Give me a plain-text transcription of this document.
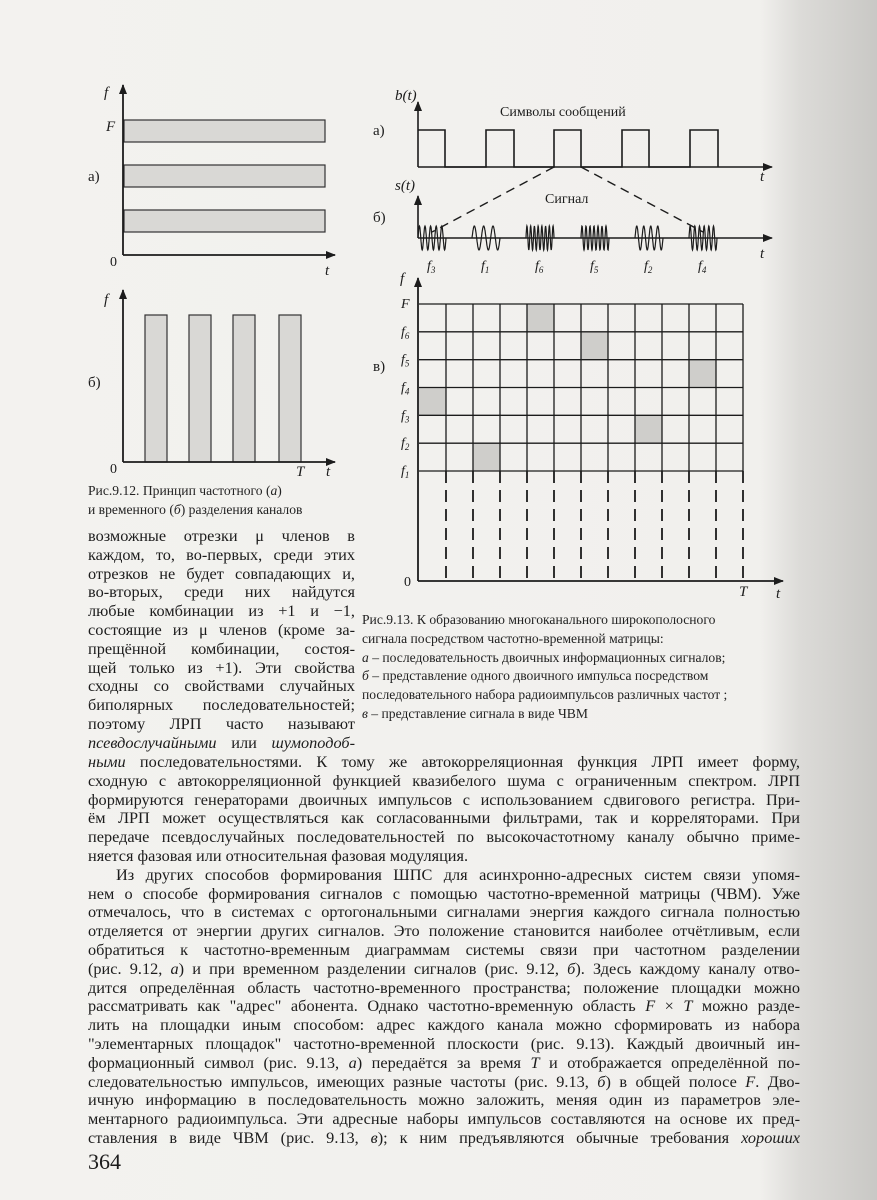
f
F
а)
0
t
f
б)
0	T t
b(t)
Символы сообщений
а)
t
s(t)
Сигнал
б)
t
$f_3$	$f_1$	$f_6$	$f_5$	$f_2$	$f_4$
f
F
$f_1$
$f_2$
$f_3$
$f_4$
$f_5$
$f_6$
в)
0
T t
Рис.9.12. Принцип частотного (а)
и временного (б) разделения каналов
Рис.9.13. К образованию многоканального широкополосного
сигнала посредством частотно-временной матрицы:
а – последовательность двоичных информационных сигналов;
б – представление одного двоичного импульса посредством
последовательного набора радиоимпульсов различных частот ;
в – представление сигнала в виде ЧВМ
возможные отрезки μ членов в
каждом, то, во-первых, среди этих
отрезков не будет совпадающих и,
во-вторых, среди них найдутся
любые комбинации из +1 и −1,
состоящие из μ членов (кроме за-
прещённой комбинации, состоя-
щей только из +1). Эти свойства
сходны со свойствами случайных
биполярных последовательностей;
поэтому ЛРП часто называют
псевдослучайными или шумоподоб-
ными последовательностями. К тому же автокорреляционная функция ЛРП имеет форму,
сходную с автокорреляционной функцией квазибелого шума с ограниченным спектром. ЛРП
формируются генераторами двоичных импульсов с использованием сдвигового регистра. При-
ём ЛРП может осуществляться как согласованными фильтрами, так и корреляторами. При
передаче псевдослучайных последовательностей по высокочастотному каналу обычно приме-
няется фазовая или относительная фазовая модуляция.
Из других способов формирования ШПС для асинхронно-адресных систем связи упомя-
нем о способе формирования сигналов с помощью частотно-временной матрицы (ЧВМ). Уже
отмечалось, что в системах с ортогональными сигналами энергия каждого сигнала полностью
отделяется от энергии других сигналов. Это положение становится наиболее отчётливым, если
обратиться к частотно-временным диаграммам системы связи при частотном разделении
(рис. 9.12, а) и при временном разделении сигналов (рис. 9.12, б). Здесь каждому каналу отво-
дится определённая область частотно-временного пространства; положение площадки можно
рассматривать как "адрес" абонента. Однако частотно-временную область F × T можно разде-
лить на площадки иным способом: адрес каждого канала можно сформировать из набора
"элементарных площадок" частотно-временной плоскости (рис. 9.13). Каждый двоичный ин-
формационный символ (рис. 9.13, а) передаётся за время T и отображается определённой по-
следовательностью импульсов, имеющих разные частоты (рис. 9.13, б) в общей полосе F. Дво-
ичную информацию в последовательность можно заложить, меняя один из параметров эле-
ментарного радиоимпульса. Эти адресные наборы импульсов составляются на основе их пред-
ставления в виде ЧВМ (рис. 9.13, в); к ним предъявляются обычные требования хороших
364
